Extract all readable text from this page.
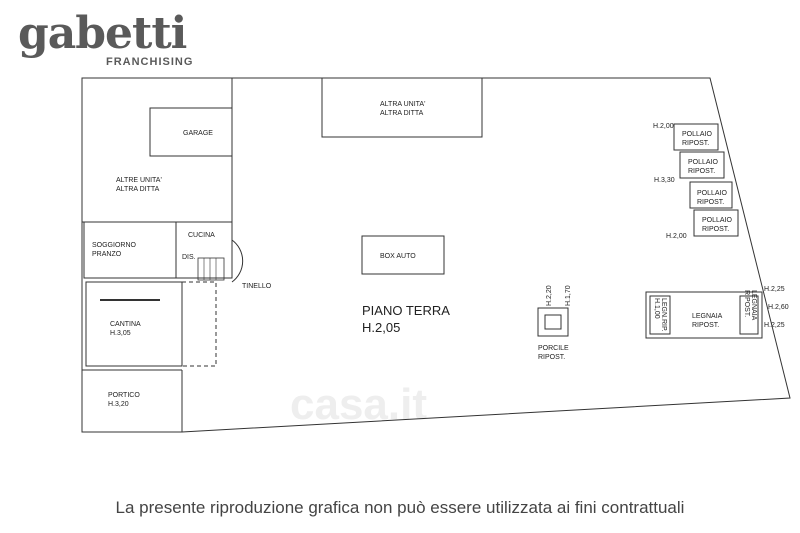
gabetti
FRANCHISING
casa.it
ALTRA UNITA'
ALTRA DITTA
GARAGE
ALTRE UNITA'
ALTRA DITTA
SOGGIORNO
PRANZO
CUCINA
DIS.
TINELLO
CANTINA
H.3,05
PORTICO
H.3,20
BOX AUTO
PIANO TERRA
H.2,05
H.2,20 H.1,70
PORCILE
RIPOST.
H.2,00
POLLAIO
RIPOST.
H.3,30
POLLAIO
RIPOST.
POLLAIO
RIPOST.
H.2,00
POLLAIO
RIPOST.
LEGNAIA
RIPOST.
LEGN.RIP.
H.1,00	LEGNAIA
RIPOST.
H.2,25
H.2,60
H.2,25
La presente riproduzione grafica non può essere utilizzata ai fini contrattuali
